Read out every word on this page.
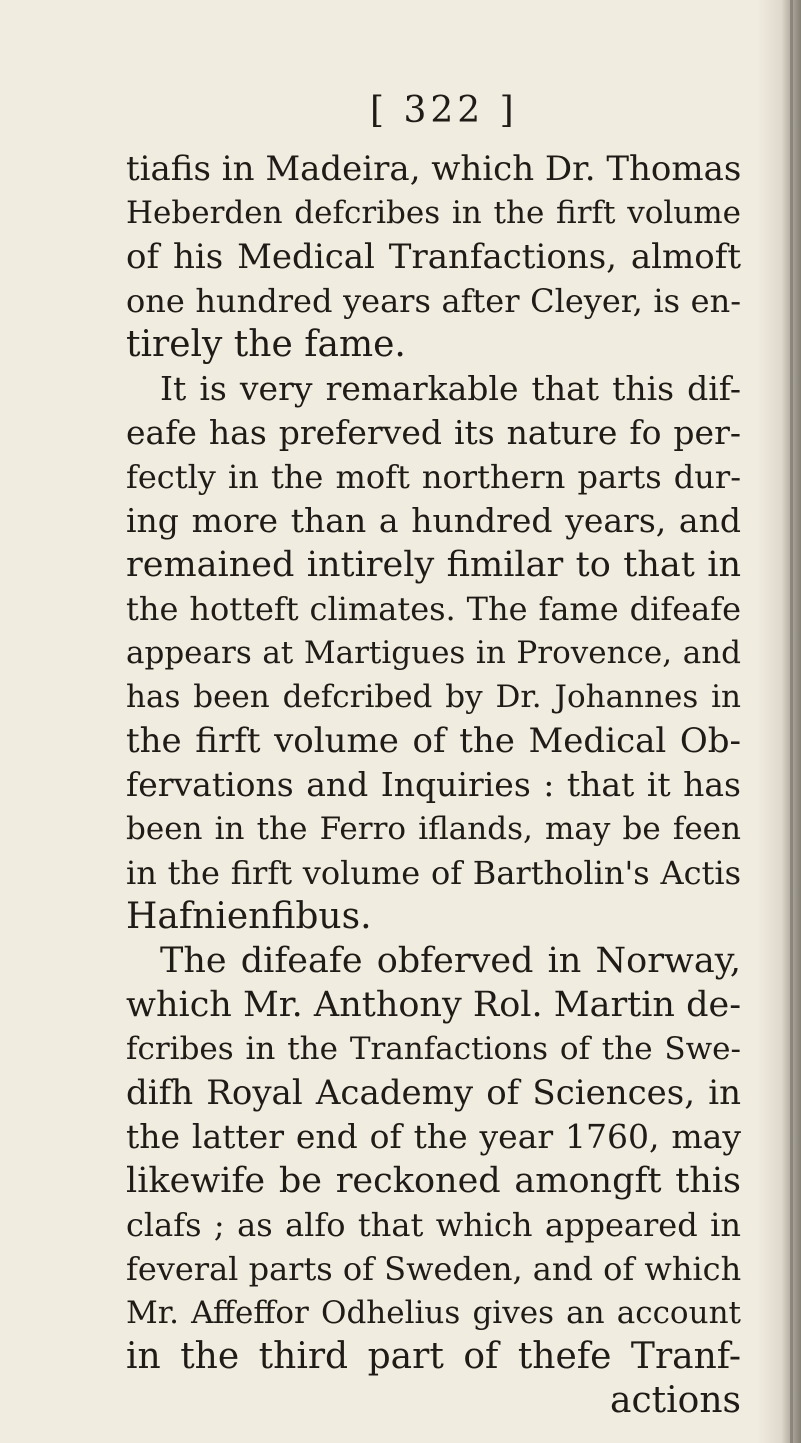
[ 322 ]
tiafis in Madeira, which Dr. Thomas
Heberden defcribes in the firft volume
of his Medical Tranfactions, almoft
one hundred years after Cleyer, is en-
tirely the fame.
It is very remarkable that this dif-
eafe has preferved its nature fo per-
fectly in the moft northern parts dur-
ing more than a hundred years, and
remained intirely fimilar to that in
the hotteft climates. The fame difeafe
appears at Martigues in Provence, and
has been defcribed by Dr. Johannes in
the firft volume of the Medical Ob-
fervations and Inquiries : that it has
been in the Ferro iflands, may be feen
in the firft volume of Bartholin's Actis
Hafnienfibus.
The difeafe obferved in Norway,
which Mr. Anthony Rol. Martin de-
fcribes in the Tranfactions of the Swe-
difh Royal Academy of Sciences, in
the latter end of the year 1760, may
likewife be reckoned amongft this
clafs ; as alfo that which appeared in
feveral parts of Sweden, and of which
Mr. Affeffor Odhelius gives an account
in the third part of thefe Tranf-
actions
